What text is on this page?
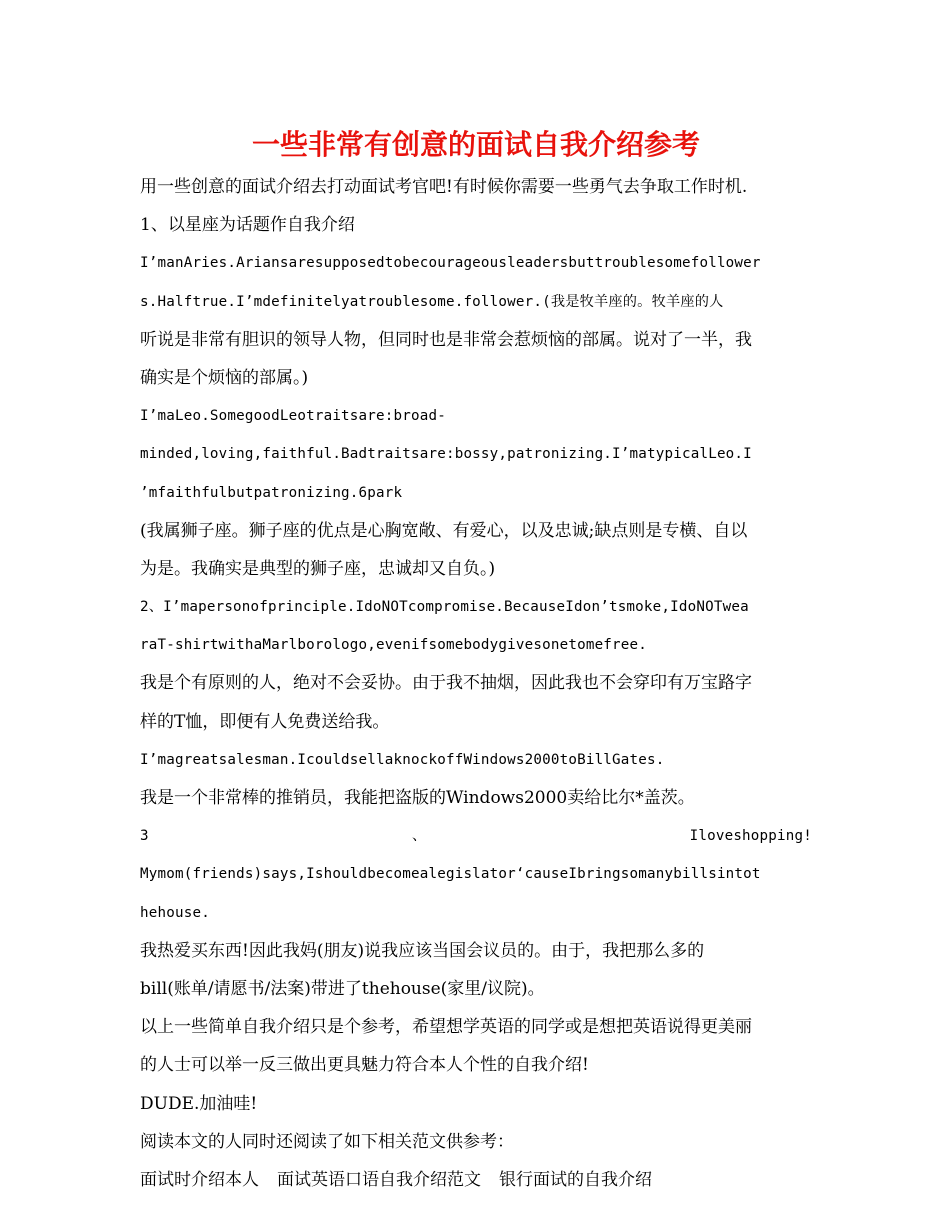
一些非常有创意的面试自我介绍参考
用一些创意的面试介绍去打动面试考官吧!有时候你需要一些勇气去争取工作时机.
1、以星座为话题作自我介绍
I’manAries.Ariansaresupposedtobecourageousleadersbuttroublesomefollower
s.Halftrue.I’mdefinitelyatroublesome.follower.(我是牧羊座的。牧羊座的人
听说是非常有胆识的领导人物，但同时也是非常会惹烦恼的部属。说对了一半，我
确实是个烦恼的部属。)
I’maLeo.SomegoodLeotraitsare:broad-
minded,loving,faithful.Badtraitsare:bossy,patronizing.I’matypicalLeo.I
’mfaithfulbutpatronizing.6park
(我属狮子座。狮子座的优点是心胸宽敞、有爱心，以及忠诚;缺点则是专横、自以
为是。我确实是典型的狮子座，忠诚却又自负。)
2、I’mapersonofprinciple.IdoNOTcompromise.BecauseIdon’tsmoke,IdoNOTwea
raT-shirtwithaMarlborologo,evenifsomebodygivesonetomefree.
我是个有原则的人，绝对不会妥协。由于我不抽烟，因此我也不会穿印有万宝路字
样的T恤，即便有人免费送给我。
I’magreatsalesman.IcouldsellaknockoffWindows2000toBillGates.
我是一个非常棒的推销员，我能把盗版的Windows2000卖给比尔*盖茨。
3	、	Iloveshopping!
Mymom(friends)says,Ishouldbecomealegislator‘causeIbringsomanybillsintot
hehouse.
我热爱买东西!因此我妈(朋友)说我应该当国会议员的。由于，我把那么多的
bill(账单/请愿书/法案)带进了thehouse(家里/议院)。
以上一些简单自我介绍只是个参考，希望想学英语的同学或是想把英语说得更美丽
的人士可以举一反三做出更具魅力符合本人个性的自我介绍!
DUDE.加油哇!
阅读本文的人同时还阅读了如下相关范文供参考：
面试时介绍本人 面试英语口语自我介绍范文 银行面试的自我介绍
